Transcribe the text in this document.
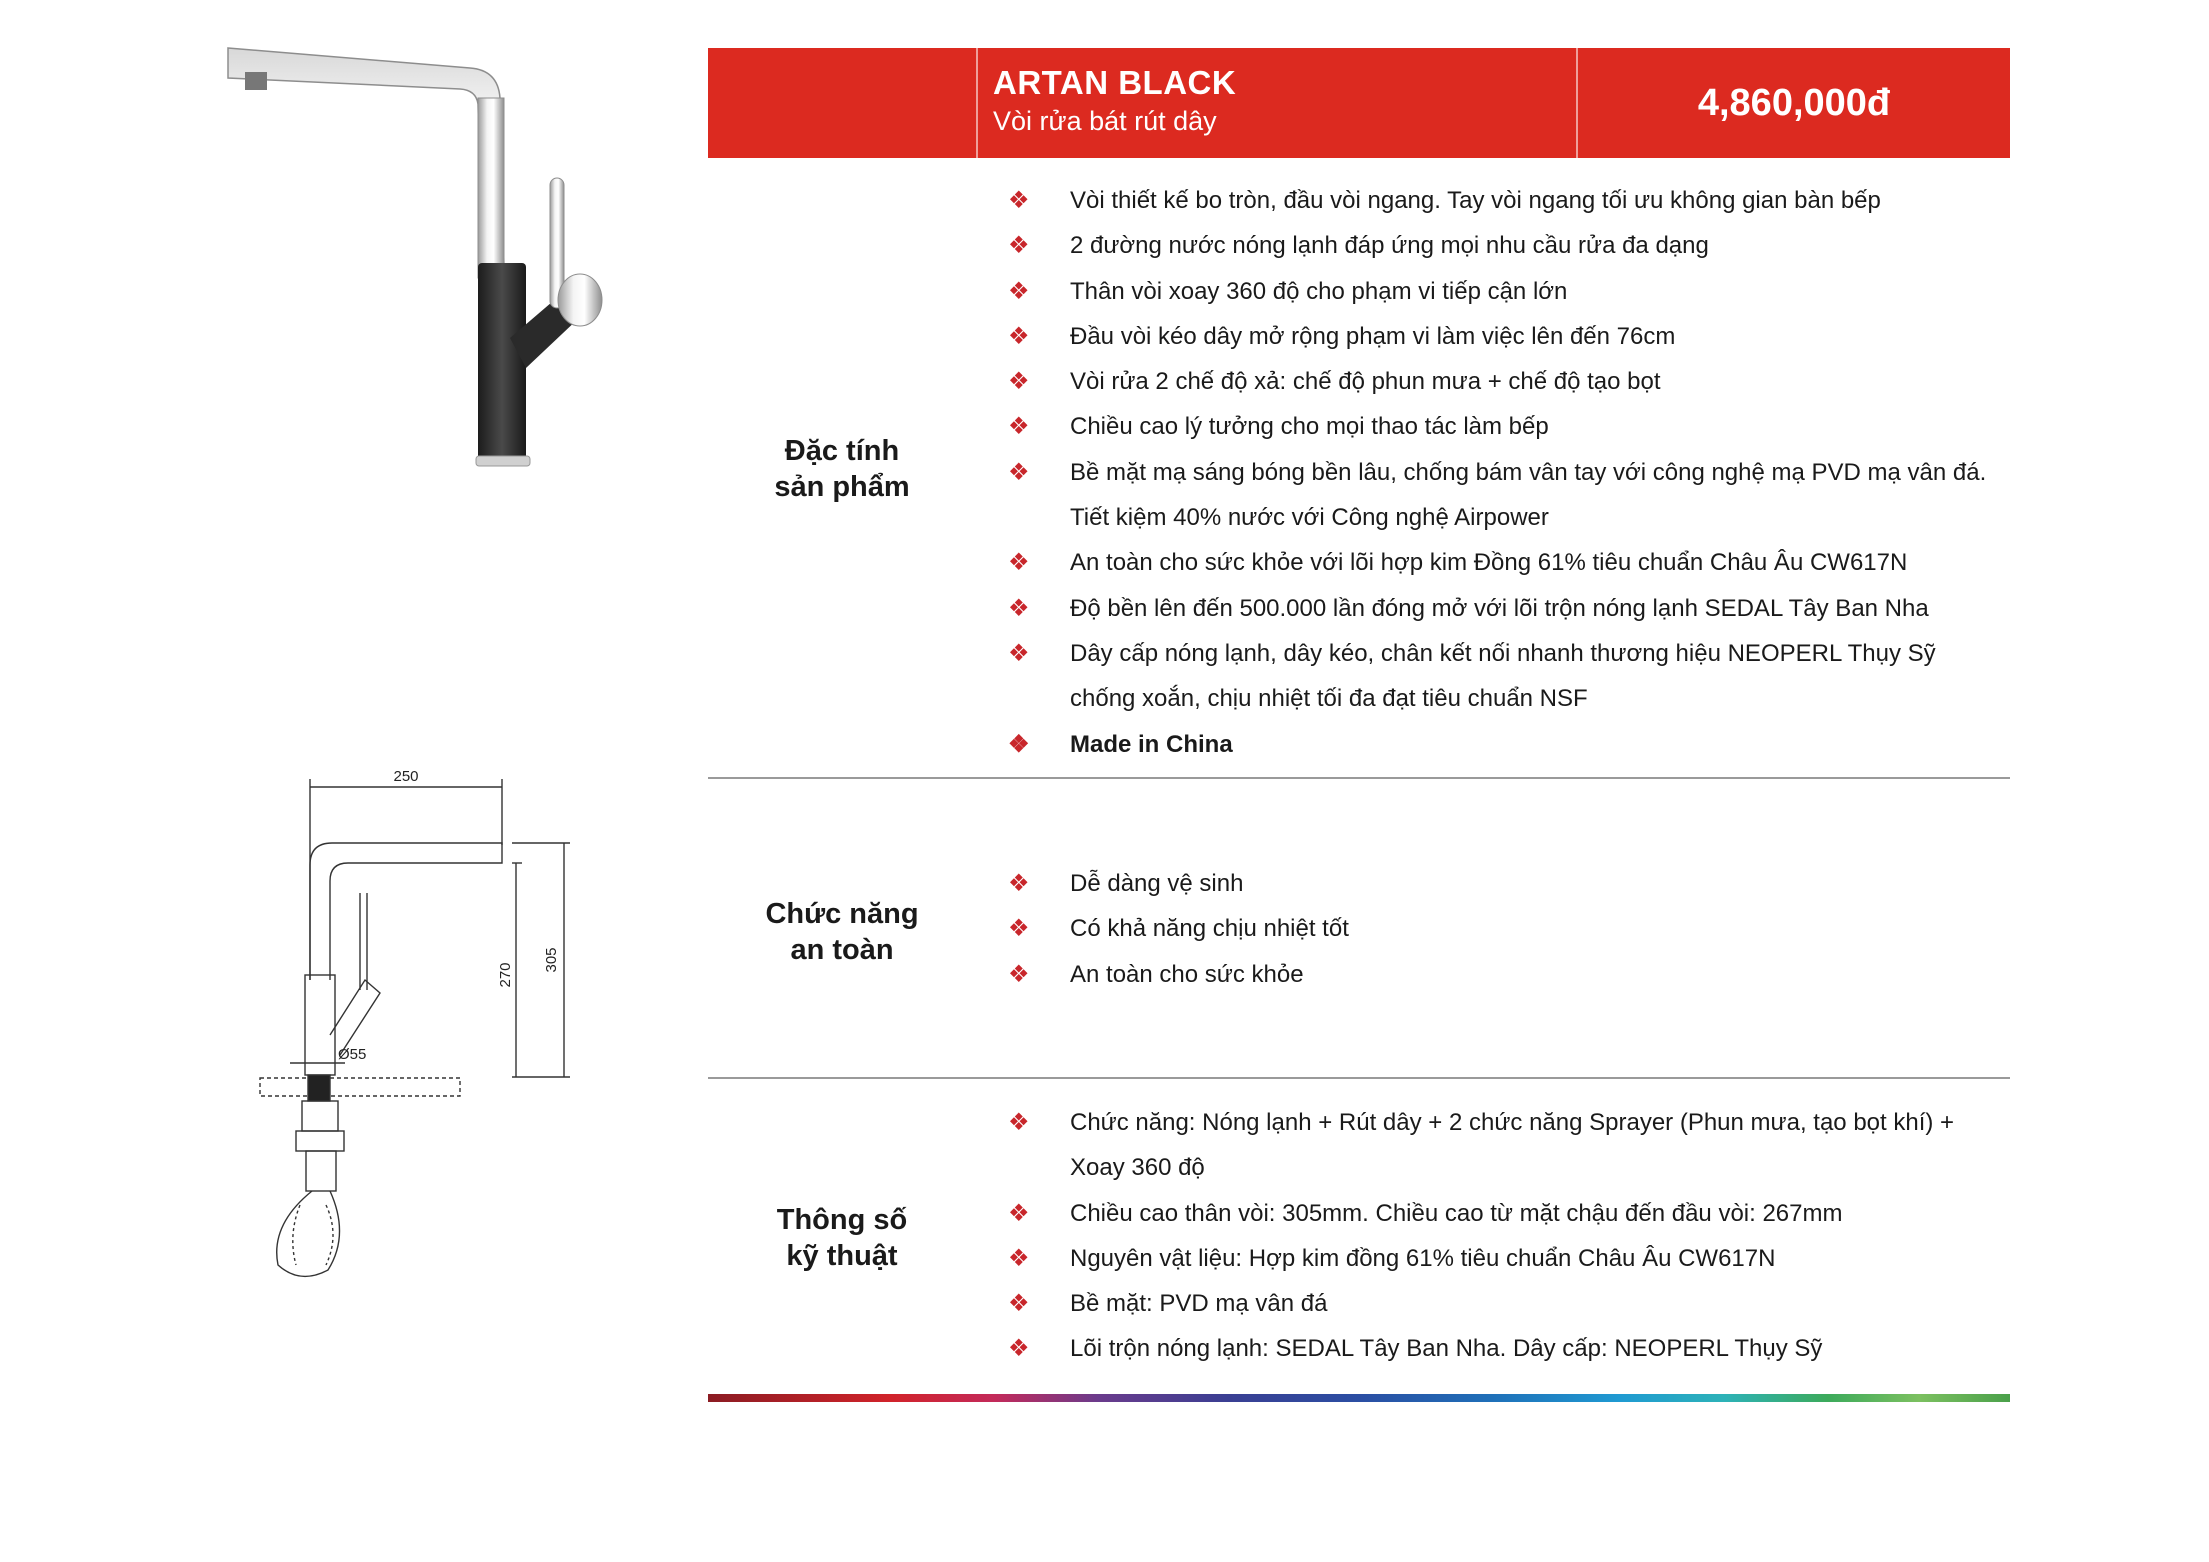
250
270
305
Ø55
ARTAN BLACK
Vòi rửa bát rút dây	4,860,000đ
Đặc tính
sản phẩm
❖ Vòi thiết kế bo tròn, đầu vòi ngang. Tay vòi ngang tối ưu không gian bàn bếp
❖ 2 đường nước nóng lạnh đáp ứng mọi nhu cầu rửa đa dạng
❖ Thân vòi xoay 360 độ cho phạm vi tiếp cận lớn
❖ Đầu vòi kéo dây mở rộng phạm vi làm việc lên đến 76cm
❖ Vòi rửa 2 chế độ xả: chế độ phun mưa + chế độ tạo bọt
❖ Chiều cao lý tưởng cho mọi thao tác làm bếp
❖ Bề mặt mạ sáng bóng bền lâu, chống bám vân tay với công nghệ mạ PVD mạ vân đá. Tiết kiệm 40% nước với Công nghệ Airpower
❖ An toàn cho sức khỏe với lõi hợp kim Đồng 61% tiêu chuẩn Châu Âu CW617N
❖ Độ bền lên đến 500.000 lần đóng mở với lõi trộn nóng lạnh SEDAL Tây Ban Nha
❖ Dây cấp nóng lạnh, dây kéo, chân kết nối nhanh thương hiệu NEOPERL Thụy Sỹ chống xoắn, chịu nhiệt tối đa đạt tiêu chuẩn NSF
❖ Made in China
Chức năng
an toàn
❖ Dễ dàng vệ sinh
❖ Có khả năng chịu nhiệt tốt
❖ An toàn cho sức khỏe
Thông số
kỹ thuật
❖ Chức năng: Nóng lạnh + Rút dây + 2 chức năng Sprayer (Phun mưa, tạo bọt khí) + Xoay 360 độ
❖ Chiều cao thân vòi: 305mm. Chiều cao từ mặt chậu đến đầu vòi: 267mm
❖ Nguyên vật liệu: Hợp kim đồng 61% tiêu chuẩn Châu Âu CW617N
❖ Bề mặt: PVD mạ vân đá
❖ Lõi trộn nóng lạnh: SEDAL Tây Ban Nha. Dây cấp: NEOPERL Thụy Sỹ
